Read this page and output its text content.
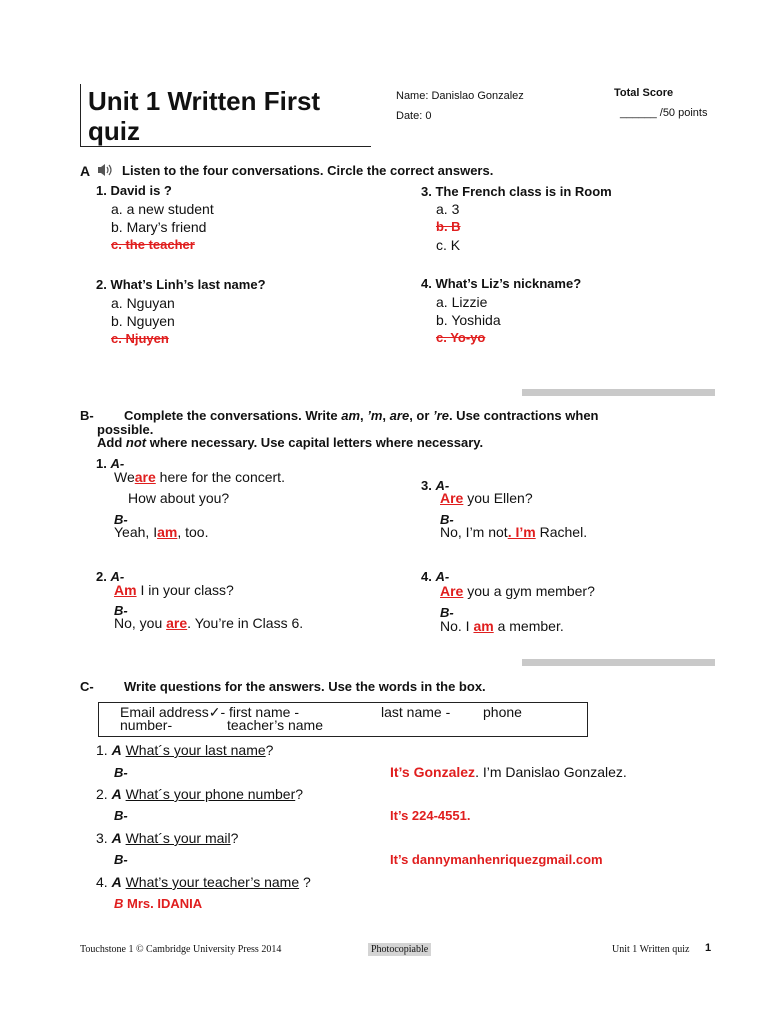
Unit 1 Written First quiz
Name: Danislao Gonzalez
Date: 0
Total Score
______ /50 points
A Listen to the four conversations. Circle the correct answers.
1. David is ?
a. a new student
b. Mary’s friend
c. the teacher
2. What’s Linh’s last name?
a. Nguyan
b. Nguyen
c. Njuyen
3. The French class is in Room
a. 3
b. B
c. K
4. What’s Liz’s nickname?
a. Lizzie
b. Yoshida
c. Yo-yo
B- Complete the conversations. Write am, ’m, are, or ’re. Use contractions when
possible.
Add not where necessary. Use capital letters where necessary.
1. A-
Weare here for the concert.
How about you?
B-
Yeah, Iam, too.
2. A-
Am I in your class?
B-
No, you are. You’re in Class 6.
3. A-
Are you Ellen?
B-
No, I’m not. I’m Rachel.
4. A-
Are you a gym member?
B-
No. I am a member.
C- Write questions for the answers. Use the words in the box.
Email address✓- first name -	last name - phone
number-	teacher’s name
1. A What´s your last name?
B-	It’s Gonzalez. I’m Danislao Gonzalez.
2. A What´s your phone number?
B-	It’s 224-4551.
3. A What´s your mail?
B-	It’s dannymanhenriquezgmail.com
4. A What’s your teacher’s name ?
B Mrs. IDANIA
Touchstone 1 © Cambridge University Press 2014	Photocopiable	Unit 1 Written quiz 1
